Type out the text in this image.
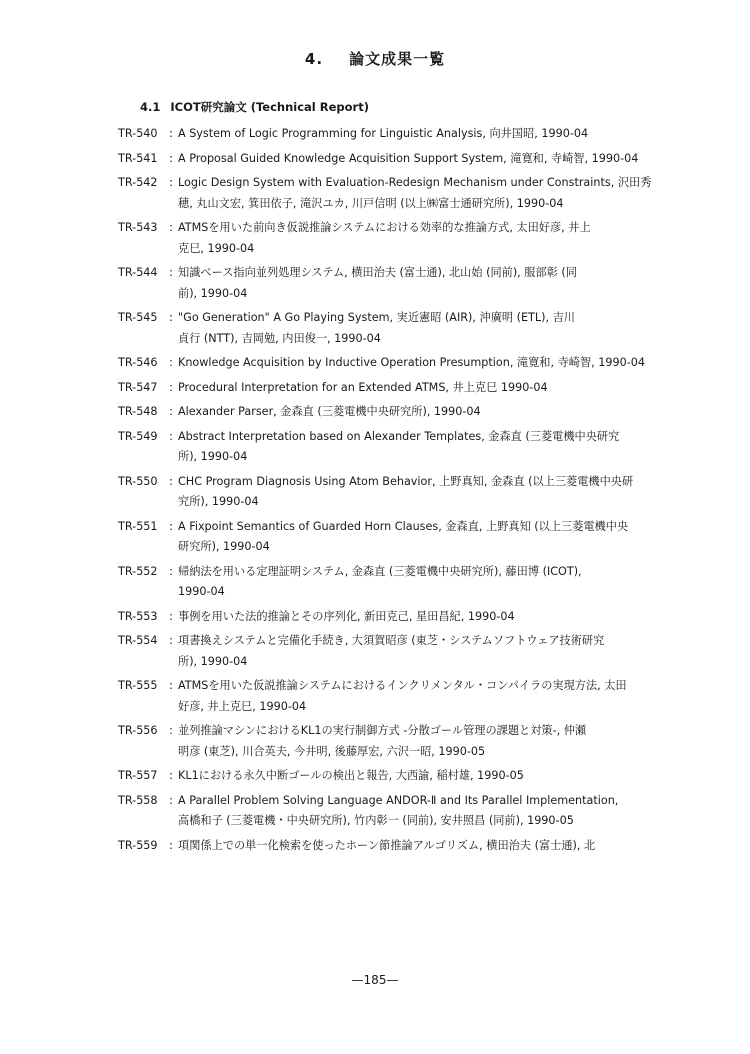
4. 論文成果一覧
4.1 ICOT研究論文 (Technical Report)
TR-540	: A System of Logic Programming for Linguistic Analysis, 向井国昭, 1990-04
TR-541	: A Proposal Guided Knowledge Acquisition Support System, 滝寛和, 寺崎智, 1990-04
TR-542	: Logic Design System with Evaluation-Redesign Mechanism under Constraints, 沢田秀
穂, 丸山文宏, 箕田依子, 滝沢ユカ, 川戸信明 (以上㈱富士通研究所), 1990-04
TR-543	: ATMSを用いた前向き仮説推論システムにおける効率的な推論方式, 太田好彦, 井上
克巳, 1990-04
TR-544	: 知識ベース指向並列処理システム, 横田治夫 (富士通), 北山始 (同前), 服部彰 (同
前), 1990-04
TR-545	: "Go Generation" A Go Playing System, 実近憲昭 (AIR), 沖廣明 (ETL), 吉川
貞行 (NTT), 吉岡勉, 内田俊一, 1990-04
TR-546	: Knowledge Acquisition by Inductive Operation Presumption, 滝寛和, 寺崎智, 1990-04
TR-547	: Procedural Interpretation for an Extended ATMS, 井上克巳 1990-04
TR-548	: Alexander Parser, 金森直 (三菱電機中央研究所), 1990-04
TR-549	: Abstract Interpretation based on Alexander Templates, 金森直 (三菱電機中央研究
所), 1990-04
TR-550	: CHC Program Diagnosis Using Atom Behavior, 上野真知, 金森直 (以上三菱電機中央研
究所), 1990-04
TR-551	: A Fixpoint Semantics of Guarded Horn Clauses, 金森直, 上野真知 (以上三菱電機中央
研究所), 1990-04
TR-552	: 帰納法を用いる定理証明システム, 金森直 (三菱電機中央研究所), 藤田博 (ICOT),
1990-04
TR-553	: 事例を用いた法的推論とその序列化, 新田克己, 星田昌紀, 1990-04
TR-554	: 項書換えシステムと完備化手続き, 大須賀昭彦 (東芝・システムソフトウェア技術研究
所), 1990-04
TR-555	: ATMSを用いた仮説推論システムにおけるインクリメンタル・コンパイラの実現方法, 太田
好彦, 井上克巳, 1990-04
TR-556	: 並列推論マシンにおけるKL1の実行制御方式 -分散ゴール管理の課題と対策-, 仲瀬
明彦 (東芝), 川合英夫, 今井明, 後藤厚宏, 六沢一昭, 1990-05
TR-557	: KL1における永久中断ゴールの検出と報告, 大西諭, 稲村雄, 1990-05
TR-558	: A Parallel Problem Solving Language ANDOR-Ⅱ and Its Parallel Implementation,
高橋和子 (三菱電機・中央研究所), 竹内彰一 (同前), 安井照昌 (同前), 1990-05
TR-559	: 項関係上での単一化検索を使ったホーン節推論アルゴリズム, 横田治夫 (富士通), 北
—185—
